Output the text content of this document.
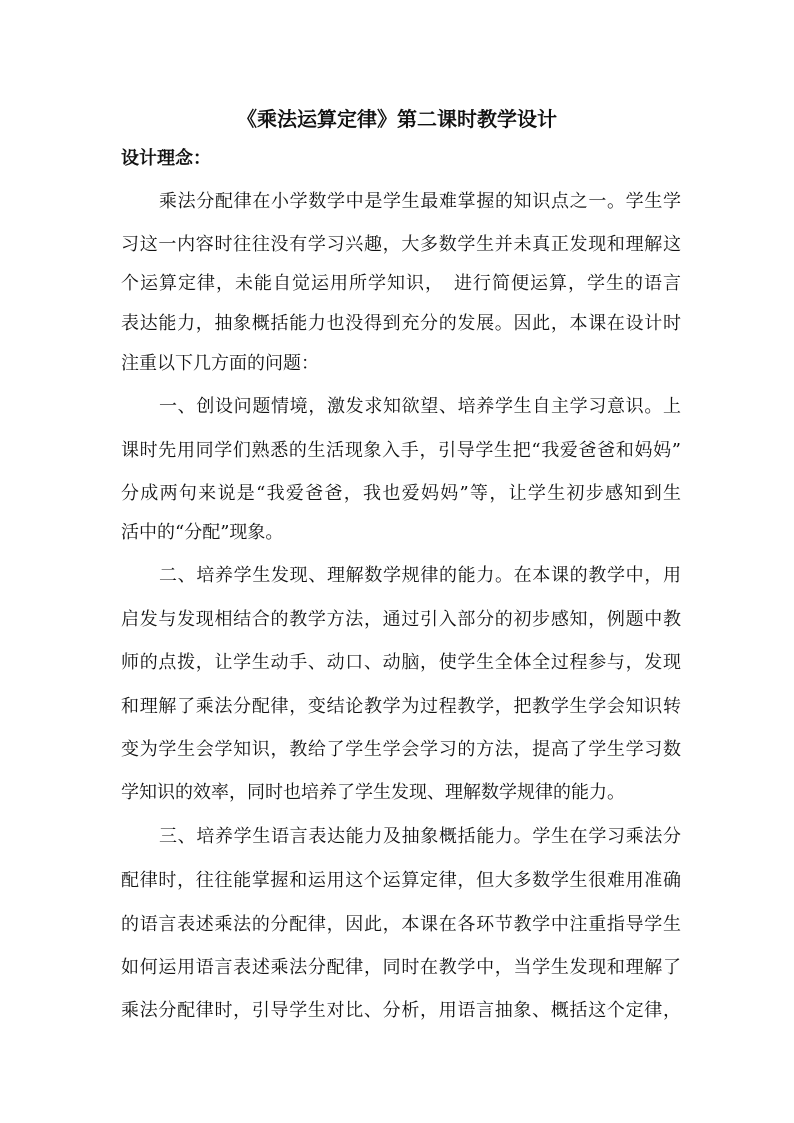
《乘法运算定律》第二课时教学设计
设计理念：
乘法分配律在小学数学中是学生最难掌握的知识点之一。学生学
习这一内容时往往没有学习兴趣，大多数学生并未真正发现和理解这
个运算定律，未能自觉运用所学知识，　进行简便运算，学生的语言
表达能力，抽象概括能力也没得到充分的发展。因此，本课在设计时
注重以下几方面的问题：
一、创设问题情境，激发求知欲望、培养学生自主学习意识。上
课时先用同学们熟悉的生活现象入手，引导学生把“我爱爸爸和妈妈”
分成两句来说是“我爱爸爸，我也爱妈妈”等，让学生初步感知到生
活中的“分配”现象。
二、培养学生发现、理解数学规律的能力。在本课的教学中，用
启发与发现相结合的教学方法，通过引入部分的初步感知，例题中教
师的点拨，让学生动手、动口、动脑，使学生全体全过程参与，发现
和理解了乘法分配律，变结论教学为过程教学，把教学生学会知识转
变为学生会学知识，教给了学生学会学习的方法，提高了学生学习数
学知识的效率，同时也培养了学生发现、理解数学规律的能力。
三、培养学生语言表达能力及抽象概括能力。学生在学习乘法分
配律时，往往能掌握和运用这个运算定律，但大多数学生很难用准确
的语言表述乘法的分配律，因此，本课在各环节教学中注重指导学生
如何运用语言表述乘法分配律，同时在教学中，当学生发现和理解了
乘法分配律时，引导学生对比、分析，用语言抽象、概括这个定律，
